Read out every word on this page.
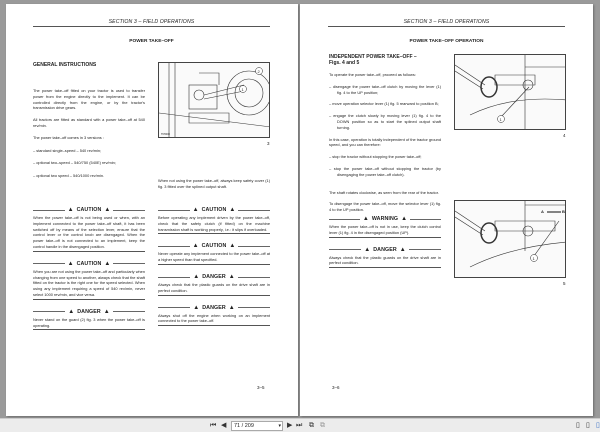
SECTION 3 – FIELD OPERATIONS
POWER TAKE–OFF
GENERAL INSTRUCTIONS

The power take–off fitted on your tractor is used to transfer power from the engine directly to the implement. It can be controlled directly from the engine, or by the tractor's transmission drive gears.

All tractors are fitted as standard with a power take–off at 540 rev/min.

The power take–off comes in 3 versions :

– standard single–speed – 540 rev/min;

– optional two–speed – 540/750 (540E) rev/min;

– optional two speed – 540/1000 rev/min.

1
2
TN5000
3

When not using the power take–off, always keep safety cover (1) fig. 3 fitted over the splined output shaft.

▲ CAUTION ▲

When the power take–off is not being used or when, with an implement connected to the power take–off shaft, it has been switched off by means of the selection lever, ensure that the control lever or the control knob are disengaged. When the power take–off is not connected to an implement, keep the control handle in the disengaged position.

▲ CAUTION ▲

When you are not using the power take–off and particularly when changing from one speed to another, always check that the shaft fitted on the tractor is the right one for the speed selected. When using any implement requiring a speed of 540 rev/min, never select 1000 rev/min, and vice versa.

▲ DANGER ▲

Never stand on the guard (2) fig. 3 when the power take–off is operating.

▲ CAUTION ▲

Before operating any implement driven by the power take–off, check that the safety clutch (if fitted) on the machine transmission shaft is working properly, i.e.: it slips if overloaded.

▲ CAUTION ▲

Never operate any implement connected to the power take–off at a higher speed than that specified.

▲ DANGER ▲

Always check that the plastic guards on the drive shaft are in perfect condition.

▲ DANGER ▲

Always shut off the engine when working on an implement connected to the power take–off.

3–5
SECTION 3 – FIELD OPERATIONS
POWER TAKE–OFF OPERATION
INDEPENDENT POWER TAKE–OFF –
Figs. 4 and 5

To operate the power take–off, proceed as follows:

– disengage the power take–off clutch by moving the lever (1) fig. 4 to the UP position;

– move operation selector lever (1) fig. 5 rearward to position B;

– engage the clutch slowly by moving lever (1) fig. 4 to the DOWN position so as to start the splined output shaft turning.

In this case, operation is totally independent of the tractor ground speed, and you can therefore:

– stop the tractor without stopping the power take–off;

– stop the power take–off without stopping the tractor (by disengaging the power take–off clutch).

The shaft rotates clockwise, as seen from the rear of the tractor.

To disengage the power take–off, move the selector lever (1) fig. 4 to the UP position.

▲ WARNING ▲

When the power take–off is not in use, keep the clutch control lever (1) fig. 4 in the disengaged position (UP).

▲ DANGER ▲

Always check that the plastic guards on the drive shaft are in perfect condition.

1
4
1
A	B
5
3–6
⏮ ◀	71 / 209	▾ ▶ ⏭ ⧉ ⧉	▯ ▯ ▯
